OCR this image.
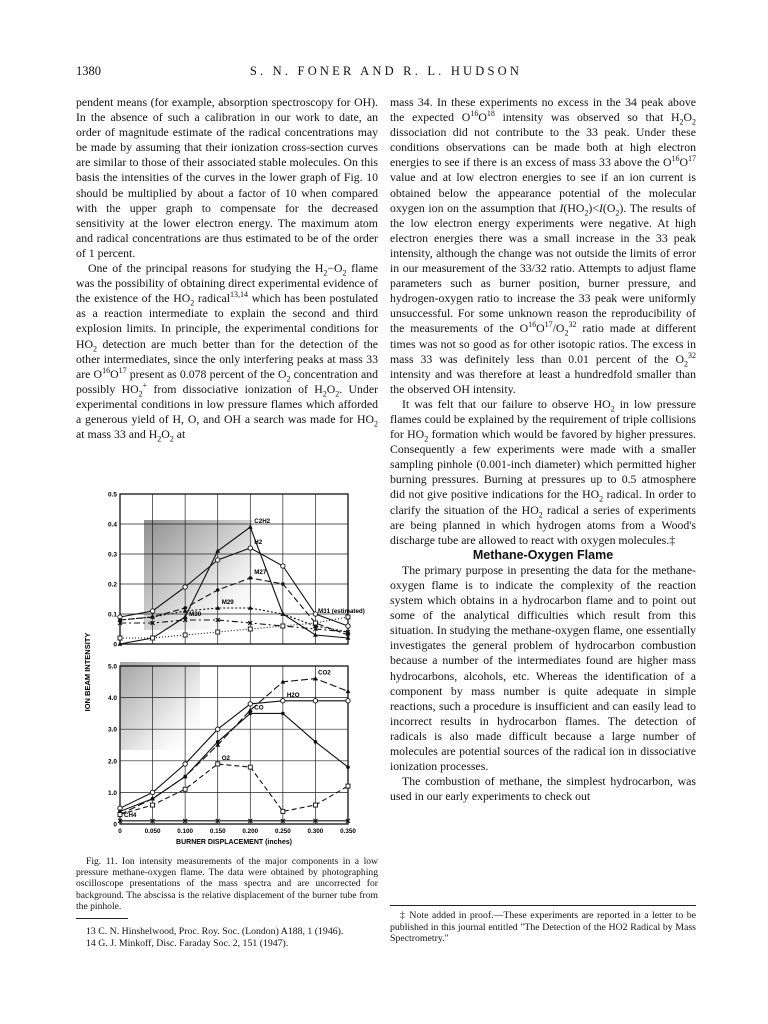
1380	S. N. FONER AND R. L. HUDSON

pendent means (for example, absorption spectroscopy for OH). In the absence of such a calibration in our work to date, an order of magnitude estimate of the radical concentrations may be made by assuming that their ionization cross-section curves are similar to those of their associated stable molecules. On this basis the intensities of the curves in the lower graph of Fig. 10 should be multiplied by about a factor of 10 when compared with the upper graph to compensate for the decreased sensitivity at the lower electron energy. The maximum atom and radical concentrations are thus estimated to be of the order of 1 percent.

One of the principal reasons for studying the $H_2-O_2$ flame was the possibility of obtaining direct experimental evidence of the existence of the $HO_2$ radical$^{13,14}$ which has been postulated as a reaction intermediate to explain the second and third explosion limits. In principle, the experimental conditions for $HO_2$ detection are much better than for the detection of the other intermediates, since the only interfering peaks at mass 33 are $O^{16}O^{17}$ present as 0.078 percent of the $O_2$ concentration and possibly $HO_2^+$ from dissociative ionization of $H_2O_2$. Under experimental conditions in low pressure flames which afforded a generous yield of H, O, and OH a search was made for $HO_2$ at mass 33 and $H_2O_2$ at

ION BEAM INTENSITY
BURNER DISPLACEMENT (inches)
0
0.1
0.2
0.3
0.4
0.5
C2H2
H2
M27
M29
M30	M31 (estimated)
0
1.0
2.0
3.0
4.0
5.0
0	0.050	0.100	0.150	0.200	0.250	0.300	0.350
CO2
H2O
CO
CH4
O2
Fig. 11. Ion intensity measurements of the major components in a low pressure methane-oxygen flame. The data were obtained by photographing oscilloscope presentations of the mass spectra and are uncorrected for background. The abscissa is the relative displacement of the burner tube from the pinhole.

mass 34. In these experiments no excess in the 34 peak above the expected $O^{16}O^{18}$ intensity was observed so that $H_2O_2$ dissociation did not contribute to the 33 peak. Under these conditions observations can be made both at high electron energies to see if there is an excess of mass 33 above the $O^{16}O^{17}$ value and at low electron energies to see if an ion current is obtained below the appearance potential of the molecular oxygen ion on the assumption that $I(HO_2)<I(O_2)$. The results of the low electron energy experiments were negative. At high electron energies there was a small increase in the 33 peak intensity, although the change was not outside the limits of error in our measurement of the 33/32 ratio. Attempts to adjust flame parameters such as burner position, burner pressure, and hydrogen-oxygen ratio to increase the 33 peak were uniformly unsuccessful. For some unknown reason the reproducibility of the measurements of the $O^{16}O^{17}/O_2^{32}$ ratio made at different times was not so good as for other isotopic ratios. The excess in mass 33 was definitely less than 0.01 percent of the $O_2^{32}$ intensity and was therefore at least a hundredfold smaller than the observed OH intensity.

It was felt that our failure to observe $HO_2$ in low pressure flames could be explained by the requirement of triple collisions for $HO_2$ formation which would be favored by higher pressures. Consequently a few experiments were made with a smaller sampling pinhole (0.001-inch diameter) which permitted higher burning pressures. Burning at pressures up to 0.5 atmosphere did not give positive indications for the $HO_2$ radical. In order to clarify the situation of the $HO_2$ radical a series of experiments are being planned in which hydrogen atoms from a Wood's discharge tube are allowed to react with oxygen molecules.‡

Methane-Oxygen Flame

The primary purpose in presenting the data for the methane-oxygen flame is to indicate the complexity of the reaction system which obtains in a hydrocarbon flame and to point out some of the analytical difficulties which result from this situation. In studying the methane-oxygen flame, one essentially investigates the general problem of hydrocarbon combustion because a number of the intermediates found are higher mass hydrocarbons, alcohols, etc. Whereas the identification of a component by mass number is quite adequate in simple reactions, such a procedure is insufficient and can easily lead to incorrect results in hydrocarbon flames. The detection of radicals is also made difficult because a large number of molecules are potential sources of the radical ion in dissociative ionization processes.

The combustion of methane, the simplest hydrocarbon, was used in our early experiments to check out

13 C. N. Hinshelwood, Proc. Roy. Soc. (London) A188, 1 (1946).
14 G. J. Minkoff, Disc. Faraday Soc. 2, 151 (1947).
‡ Note added in proof.—These experiments are reported in a letter to be published in this journal entitled "The Detection of the HO2 Radical by Mass Spectrometry."
